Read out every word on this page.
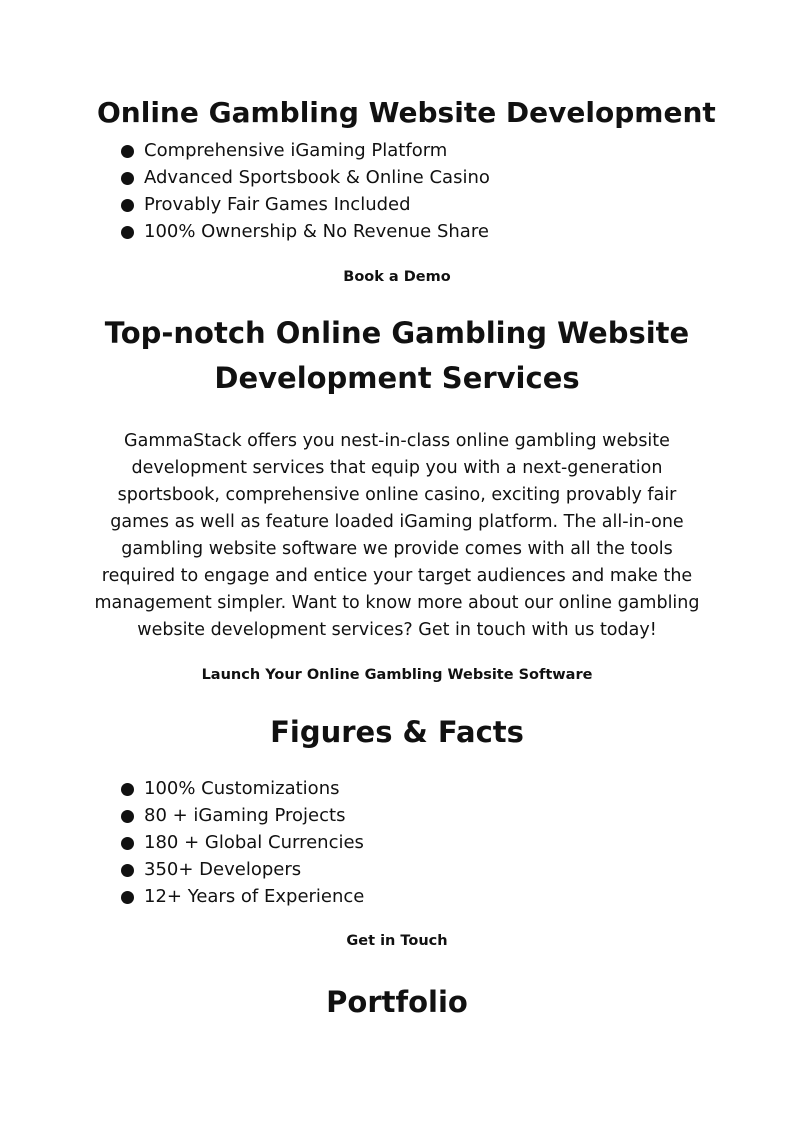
Online Gambling Website Development
Comprehensive iGaming Platform
Advanced Sportsbook & Online Casino
Provably Fair Games Included
100% Ownership & No Revenue Share

Book a Demo

Top-notch Online Gambling Website
Development Services

GammaStack offers you nest-in-class online gambling website development services that equip you with a next-generation sportsbook, comprehensive online casino, exciting provably fair games as well as feature loaded iGaming platform. The all-in-one gambling website software we provide comes with all the tools required to engage and entice your target audiences and make the management simpler. Want to know more about our online gambling website development services? Get in touch with us today!

Launch Your Online Gambling Website Software

Figures & Facts
100% Customizations
80 + iGaming Projects
180 + Global Currencies
350+ Developers
12+ Years of Experience

Get in Touch

Portfolio
